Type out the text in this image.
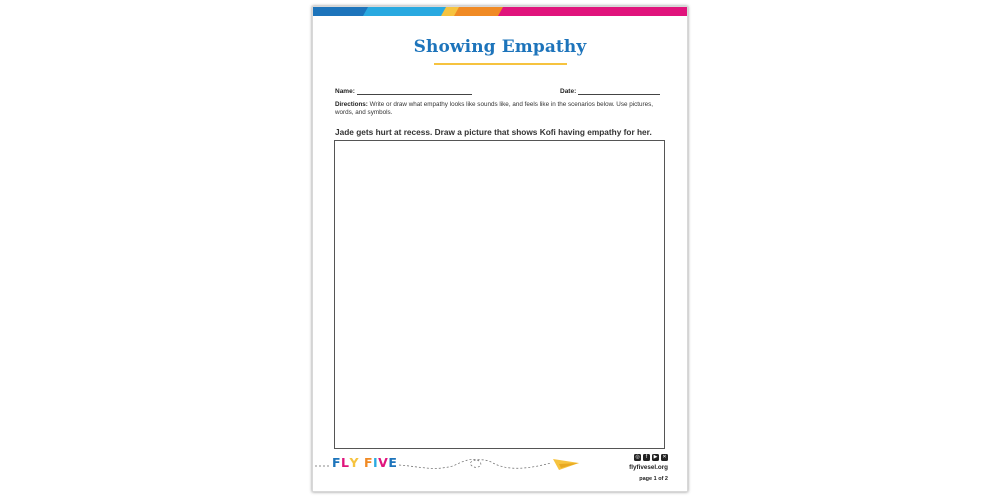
Showing Empathy
Name:	Date:
Directions: Write or draw what empathy looks like sounds like, and feels like in the scenarios below. Use pictures, words, and symbols.
Jade gets hurt at recess. Draw a picture that shows Kofi having empathy for her.
FLY FIVE	◎	f	▶ ✕
flyfivesel.org
page 1 of 2
